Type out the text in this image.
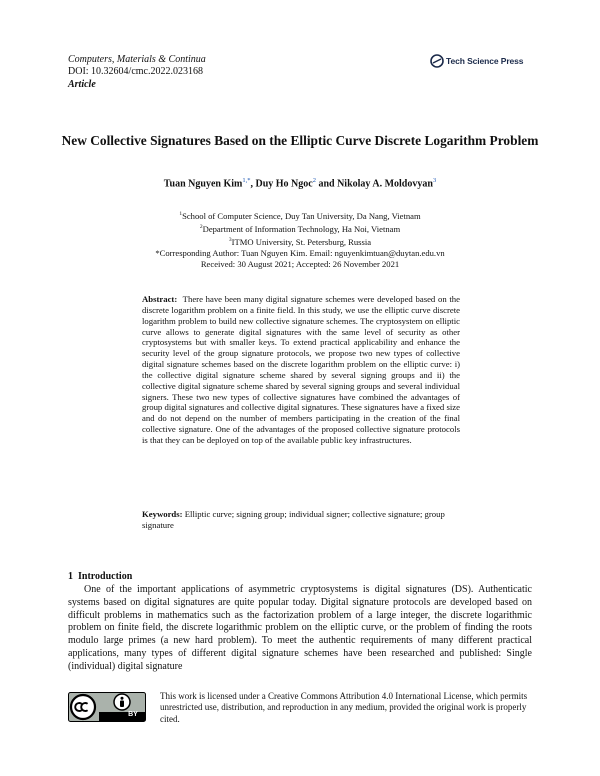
Computers, Materials & Continua
DOI: 10.32604/cmc.2022.023168
Article
Tech Science Press
New Collective Signatures Based on the Elliptic Curve Discrete Logarithm Problem
Tuan Nguyen Kim$^{1,*}$, Duy Ho Ngoc$^2$ and Nikolay A. Moldovyan$^3$
$^1$School of Computer Science, Duy Tan University, Da Nang, Vietnam
$^2$Department of Information Technology, Ha Noi, Vietnam
$^3$ITMO University, St. Petersburg, Russia
*Corresponding Author: Tuan Nguyen Kim. Email: nguyenkimtuan@duytan.edu.vn
Received: 30 August 2021; Accepted: 26 November 2021
Abstract: There have been many digital signature schemes were developed based on the discrete logarithm problem on a finite field. In this study, we use the elliptic curve discrete logarithm problem to build new collective signature schemes. The cryptosystem on elliptic curve allows to generate digital signatures with the same level of security as other cryptosystems but with smaller keys. To extend practical applicability and enhance the security level of the group signature protocols, we propose two new types of collective digital signature schemes based on the discrete logarithm problem on the elliptic curve: i) the collective digital signature scheme shared by several signing groups and ii) the collective digital signature scheme shared by several signing groups and several individual signers. These two new types of collective signatures have combined the advantages of group digital signatures and collective digital signatures. These signatures have a fixed size and do not depend on the number of members participating in the creation of the final collective signature. One of the advantages of the proposed collective signature protocols is that they can be deployed on top of the available public key infrastructures.
Keywords: Elliptic curve; signing group; individual signer; collective signature; group signature
1 Introduction
One of the important applications of asymmetric cryptosystems is digital signatures (DS). Authenticatic systems based on digital signatures are quite popular today. Digital signature protocols are developed based on difficult problems in mathematics such as the factorization problem of a large integer, the discrete logarithmic problem on finite field, the discrete logarithmic problem on the elliptic curve, or the problem of finding the roots modulo large primes (a new hard problem). To meet the authentic requirements of many different practical applications, many types of different digital signature schemes have been researched and published: Single (individual) digital signature
BY
This work is licensed under a Creative Commons Attribution 4.0 International License, which permits unrestricted use, distribution, and reproduction in any medium, provided the original work is properly cited.
